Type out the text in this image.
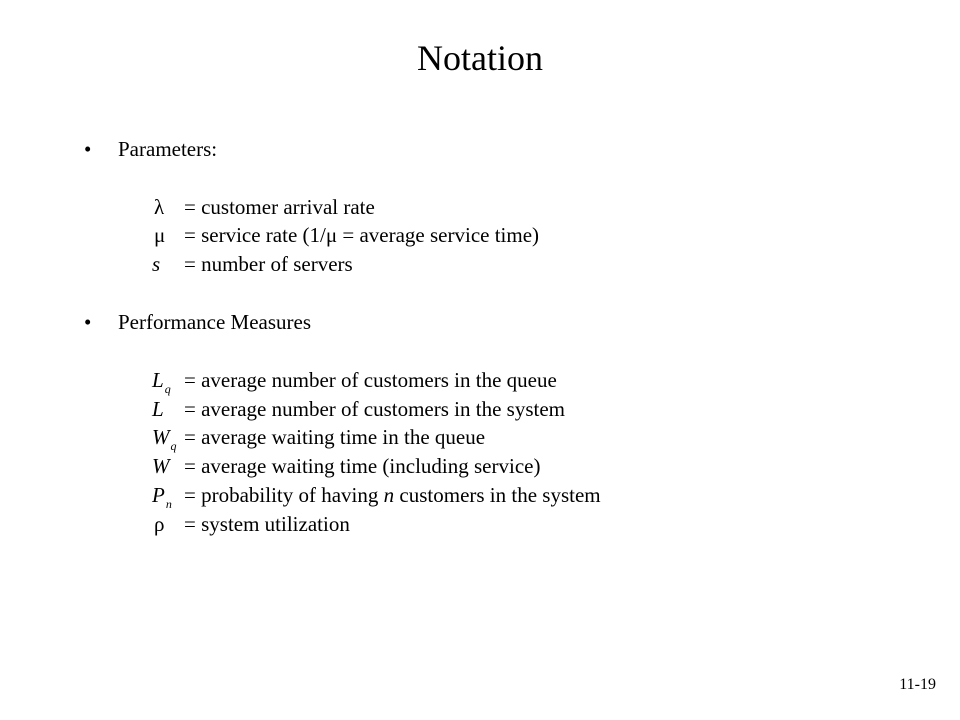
Notation
• Parameters:
λ = customer arrival rate
μ = service rate (1/μ = average service time)
s = number of servers
• Performance Measures
$L_q$ = average number of customers in the queue
L = average number of customers in the system
$W_q$ = average waiting time in the queue
W = average waiting time (including service)
$P_n$ = probability of having n customers in the system
ρ = system utilization
11-19
